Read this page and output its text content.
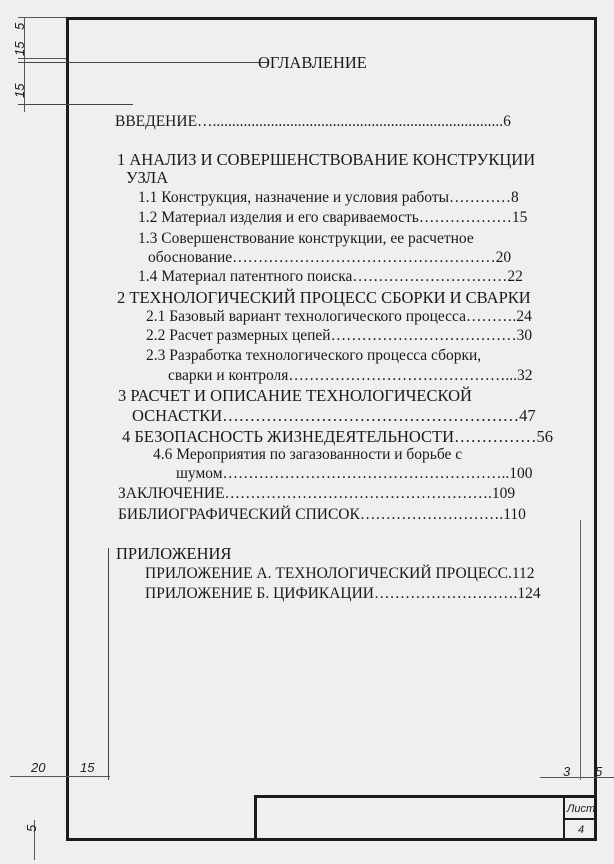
5
15
15
20	15	3 5
5
ОГЛАВЛЕНИЕ
ВВЕДЕНИЕ…...........................................................................6
1 АНАЛИЗ И СОВЕРШЕНСТВОВАНИЕ КОНСТРУКЦИИ
УЗЛА
1.1 Конструкция, назначение и условия работы…………8
1.2 Материал изделия и его свариваемость………………15
1.3 Совершенствование конструкции, ее расчетное
обоснование……………………………………………20
1.4 Материал патентного поиска…………………………22
2 ТЕХНОЛОГИЧЕСКИЙ ПРОЦЕСС СБОРКИ И СВАРКИ
2.1 Базовый вариант технологического процесса……….24
2.2 Расчет размерных цепей………………………………30
2.3 Разработка технологического процесса сборки,
сварки и контроля……………………………………...32
3 РАСЧЕТ И ОПИСАНИЕ ТЕХНОЛОГИЧЕСКОЙ
ОСНАСТКИ………………………………………………47
4 БЕЗОПАСНОСТЬ ЖИЗНЕДЕЯТЕЛЬНОСТИ……………56
4.6 Мероприятия по загазованности и борьбе с
шумом………………………………………………..100
ЗАКЛЮЧЕНИЕ…………………………………………….109
БИБЛИОГРАФИЧЕСКИЙ СПИСОК……………………….110
ПРИЛОЖЕНИЯ
ПРИЛОЖЕНИЕ А. ТЕХНОЛОГИЧЕСКИЙ ПРОЦЕСС.112
ПРИЛОЖЕНИЕ Б. ЦИФИКАЦИИ……………………….124
Лист
4
